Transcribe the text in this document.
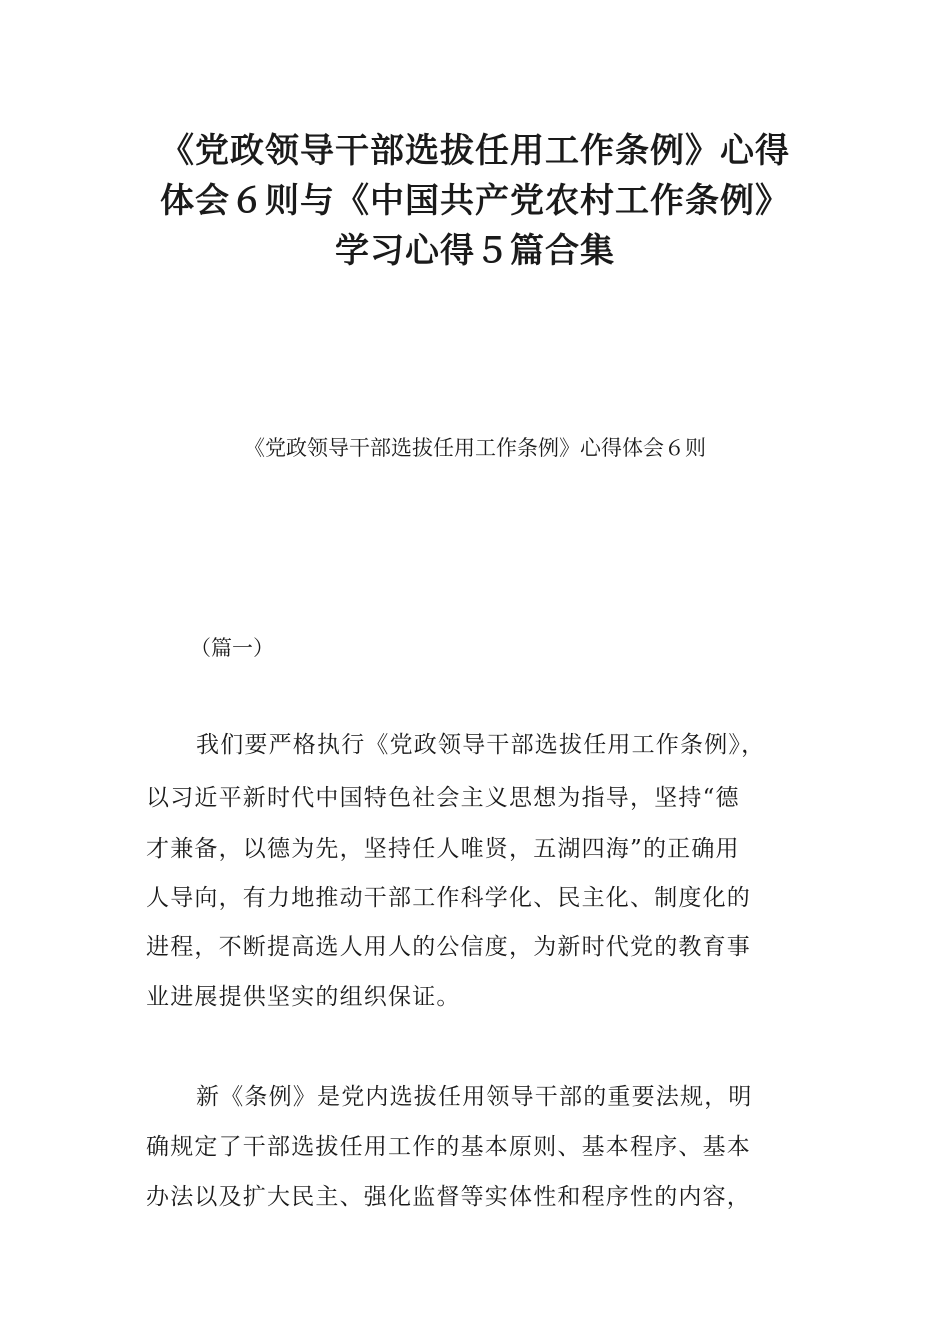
《党政领导干部选拔任用工作条例》心得
体会６则与《中国共产党农村工作条例》
学习心得５篇合集
《党政领导干部选拔任用工作条例》心得体会６则
（篇一）
我们要严格执行《党政领导干部选拔任用工作条例》，
以习近平新时代中国特色社会主义思想为指导，坚持“德
才兼备，以德为先，坚持任人唯贤，五湖四海”的正确用
人导向，有力地推动干部工作科学化、民主化、制度化的
进程，不断提高选人用人的公信度，为新时代党的教育事
业进展提供坚实的组织保证。
新《条例》是党内选拔任用领导干部的重要法规，明
确规定了干部选拔任用工作的基本原则、基本程序、基本
办法以及扩大民主、强化监督等实体性和程序性的内容，
